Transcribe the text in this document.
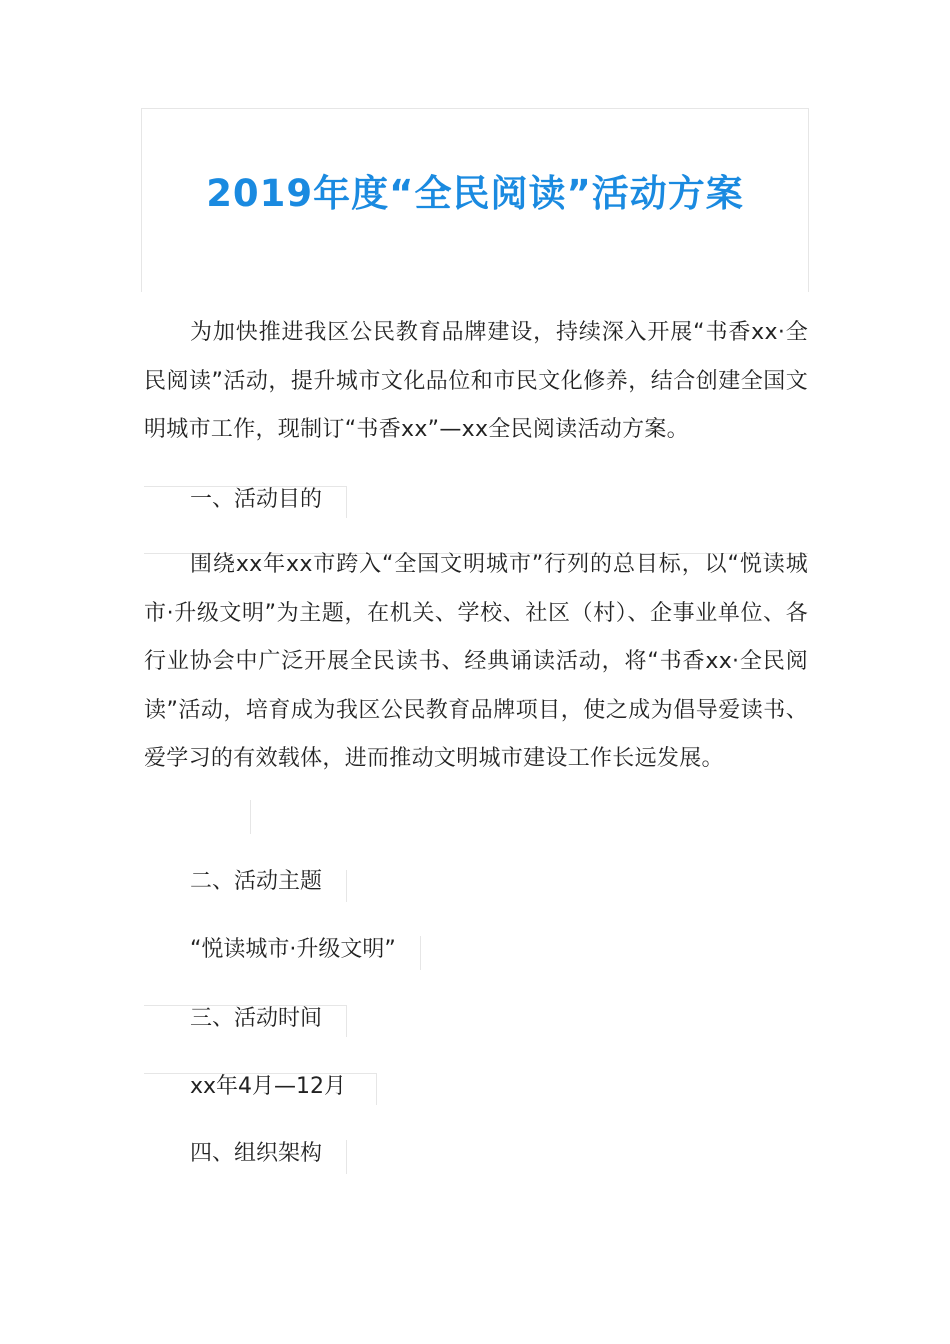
2019年度“全民阅读”活动方案

为加快推进我区公民教育品牌建设，持续深入开展“书香xx·全民阅读”活动，提升城市文化品位和市民文化修养，结合创建全国文明城市工作，现制订“书香xx”—xx全民阅读活动方案。

一、活动目的

围绕xx年xx市跨入“全国文明城市”行列的总目标，以“悦读城市·升级文明”为主题，在机关、学校、社区（村）、企事业单位、各行业协会中广泛开展全民读书、经典诵读活动，将“书香xx·全民阅读”活动，培育成为我区公民教育品牌项目，使之成为倡导爱读书、爱学习的有效载体，进而推动文明城市建设工作长远发展。

二、活动主题
“悦读城市·升级文明”
三、活动时间
xx年4月—12月
四、组织架构
